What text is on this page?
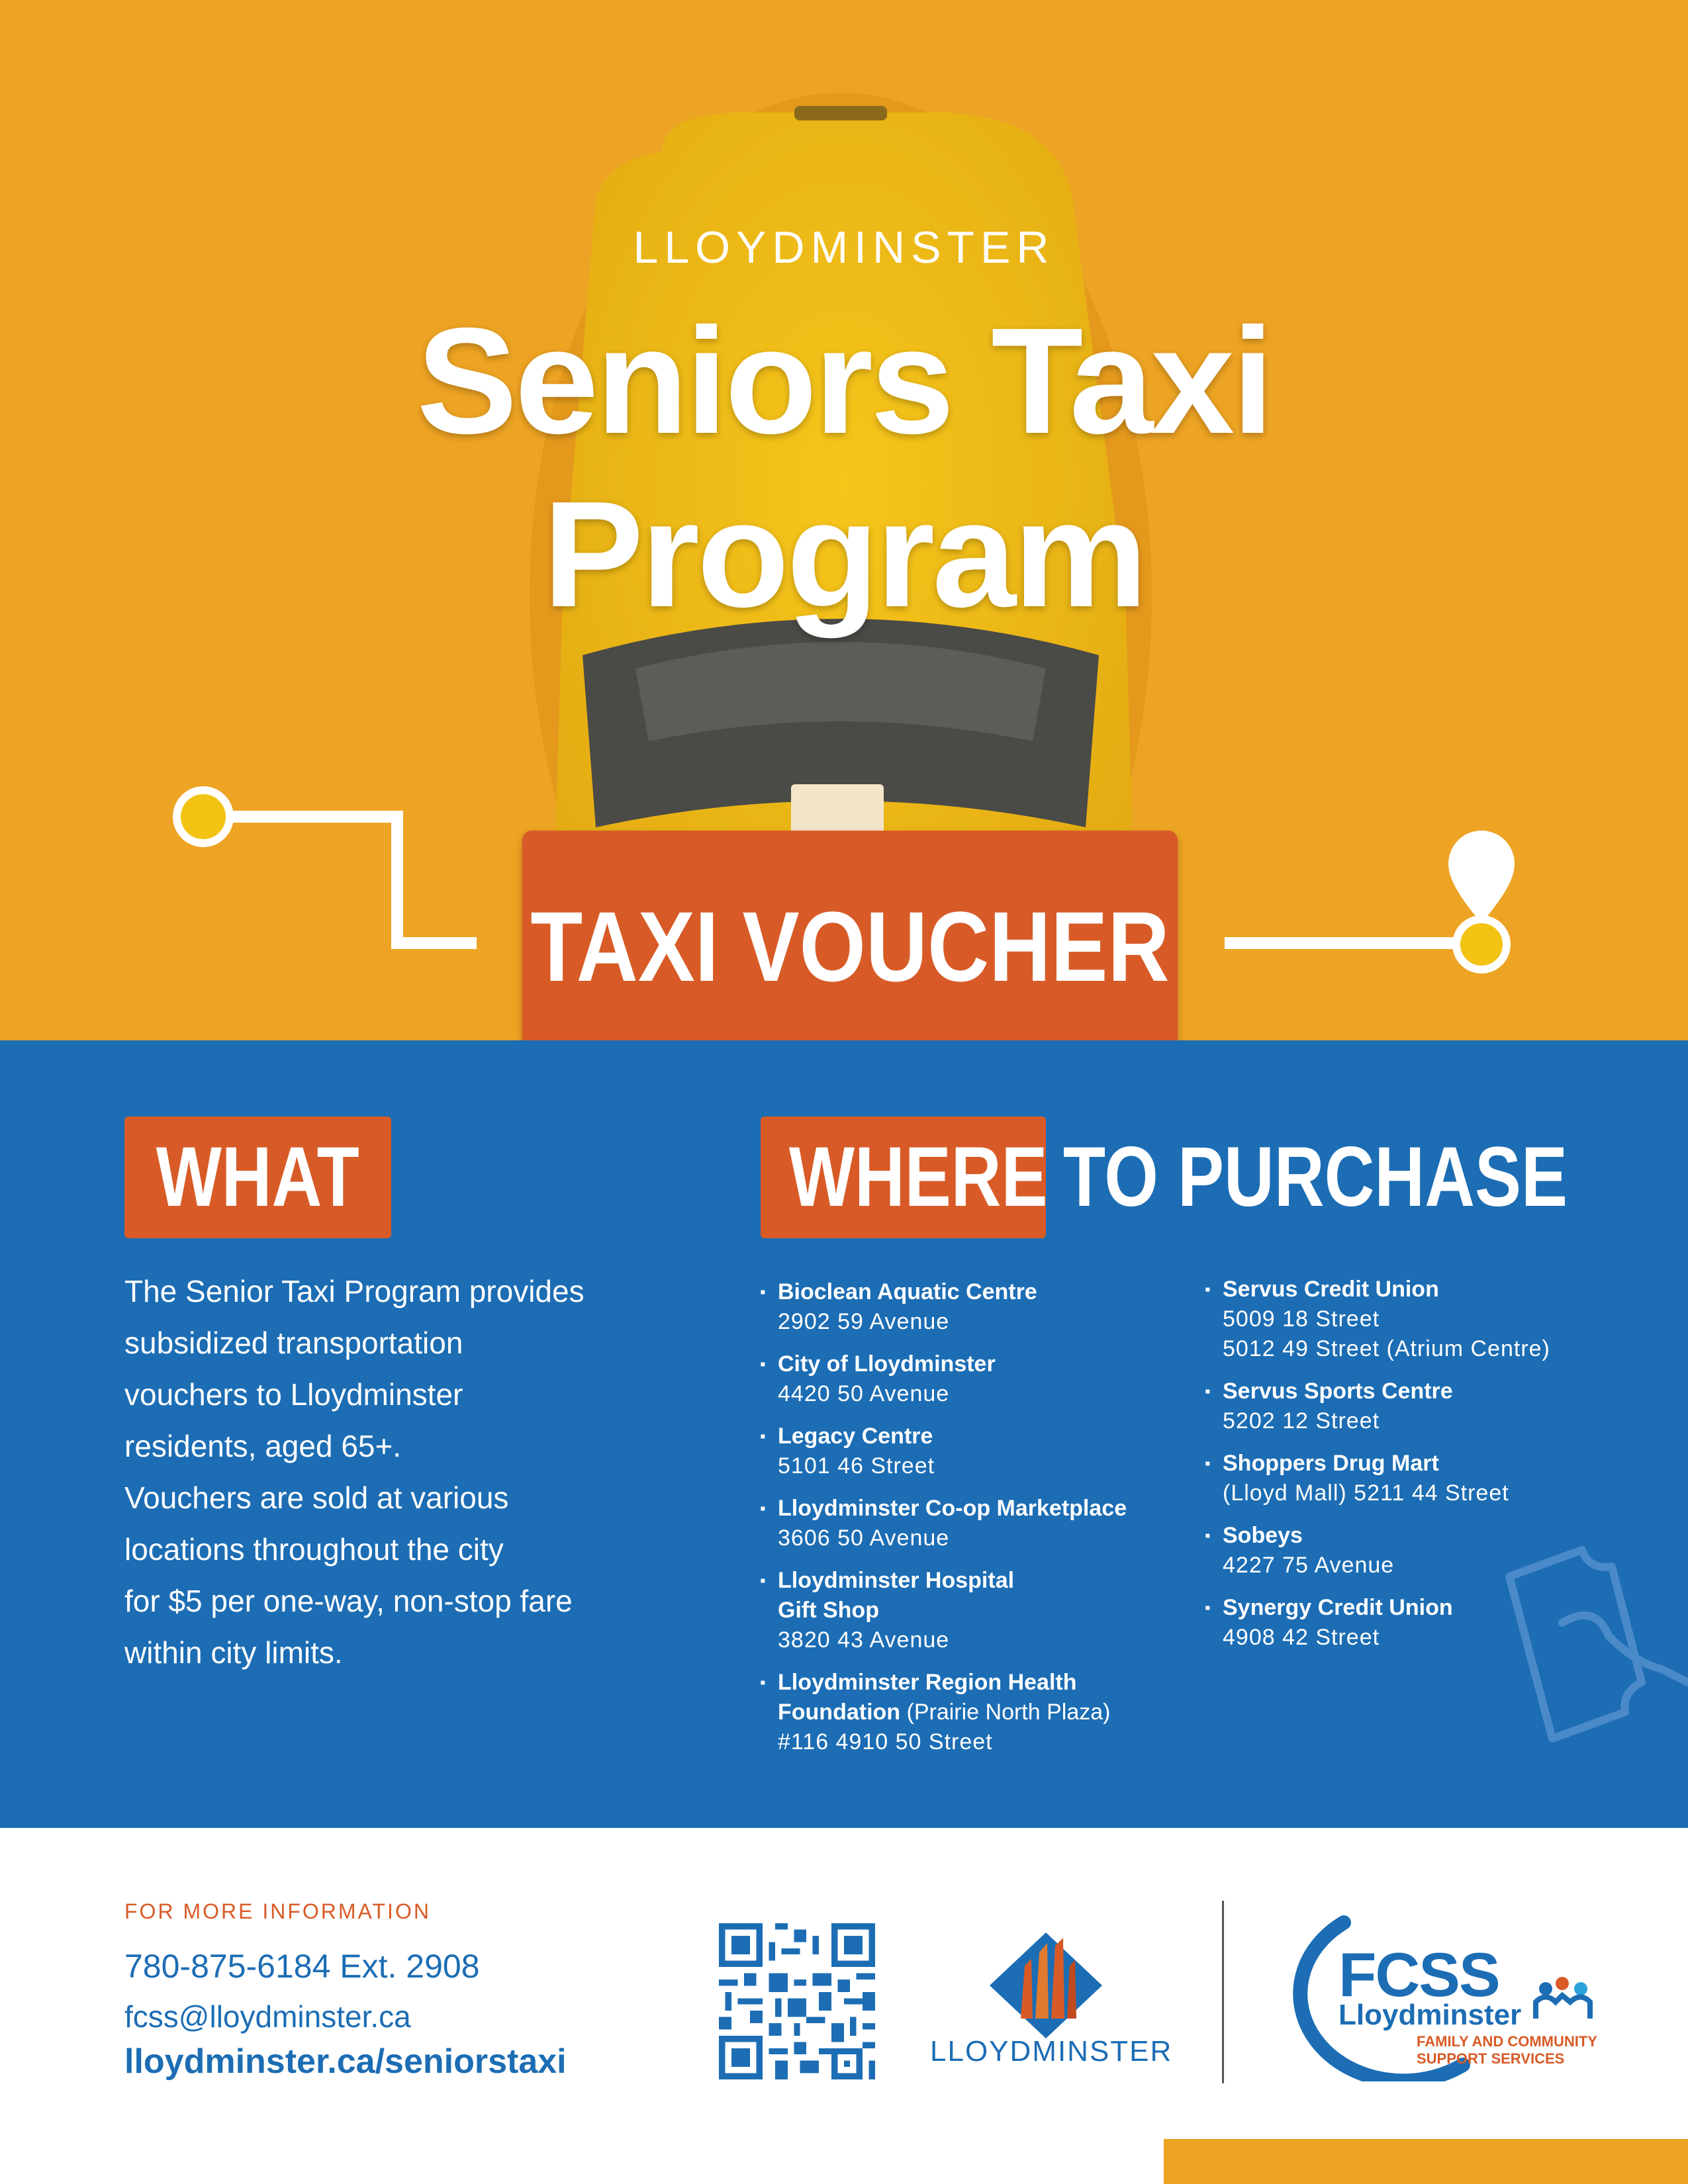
LLOYDMINSTER
Seniors Taxi
Program
TAXI VOUCHER
WHAT	WHERE TO PURCHASE
The Senior Taxi Program provides
subsidized transportation
vouchers to Lloydminster
residents, aged 65+.
Vouchers are sold at various
locations throughout the city
for $5 per one-way, non-stop fare
within city limits.
▪ Bioclean Aquatic Centre
2902 59 Avenue
▪ City of Lloydminster
4420 50 Avenue
▪ Legacy Centre
5101 46 Street
▪ Lloydminster Co-op Marketplace
3606 50 Avenue
▪ Lloydminster Hospital
Gift Shop
3820 43 Avenue
▪ Lloydminster Region Health
Foundation (Prairie North Plaza)
#116 4910 50 Street
▪ Servus Credit Union
5009 18 Street
5012 49 Street (Atrium Centre)
▪ Servus Sports Centre
5202 12 Street
▪ Shoppers Drug Mart
(Lloyd Mall) 5211 44 Street
▪ Sobeys
4227 75 Avenue
▪ Synergy Credit Union
4908 42 Street
FOR MORE INFORMATION
780-875-6184 Ext. 2908
fcss@lloydminster.ca
lloydminster.ca/seniorstaxi	LLOYDMINSTER
FCSS
Lloydminster
FAMILY AND COMMUNITY
SUPPORT SERVICES
